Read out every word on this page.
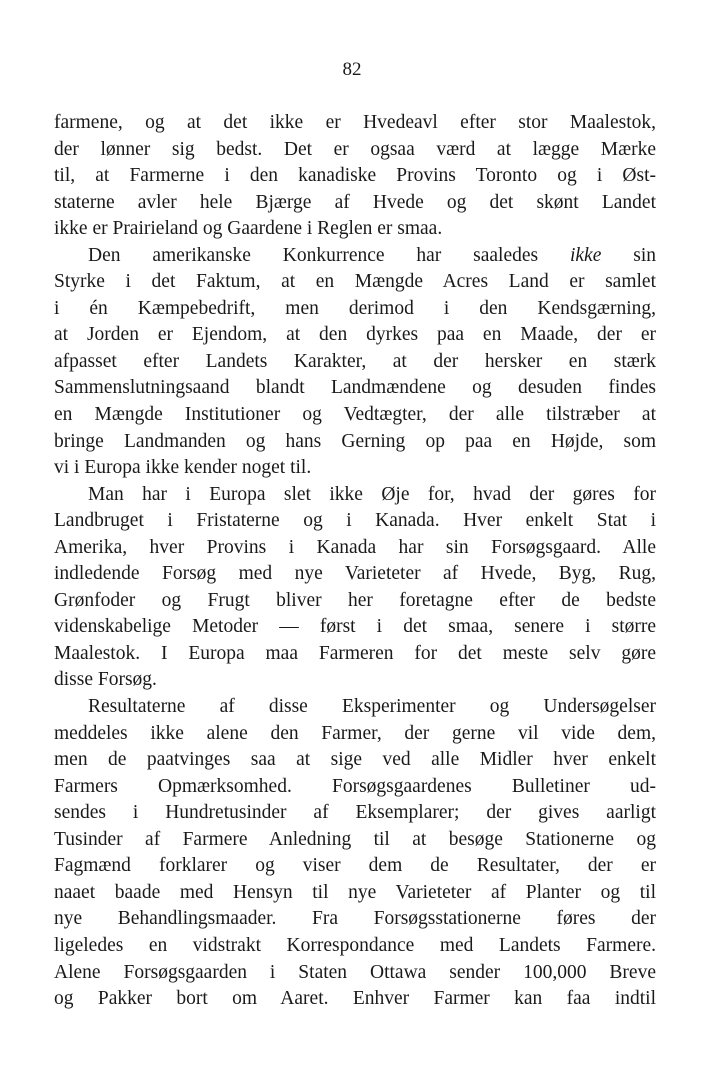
82
farmene, og at det ikke er Hvedeavl efter stor Maalestok,
der lønner sig bedst. Det er ogsaa værd at lægge Mærke
til, at Farmerne i den kanadiske Provins Toronto og i Øst-
staterne avler hele Bjærge af Hvede og det skønt Landet
ikke er Prairieland og Gaardene i Reglen er smaa.
Den amerikanske Konkurrence har saaledes ikke sin
Styrke i det Faktum, at en Mængde Acres Land er samlet
i én Kæmpebedrift, men derimod i den Kendsgærning,
at Jorden er Ejendom, at den dyrkes paa en Maade, der er
afpasset efter Landets Karakter, at der hersker en stærk
Sammenslutningsaand blandt Landmændene og desuden findes
en Mængde Institutioner og Vedtægter, der alle tilstræber at
bringe Landmanden og hans Gerning op paa en Højde, som
vi i Europa ikke kender noget til.
Man har i Europa slet ikke Øje for, hvad der gøres for
Landbruget i Fristaterne og i Kanada. Hver enkelt Stat i
Amerika, hver Provins i Kanada har sin Forsøgsgaard. Alle
indledende Forsøg med nye Varieteter af Hvede, Byg, Rug,
Grønfoder og Frugt bliver her foretagne efter de bedste
videnskabelige Metoder — først i det smaa, senere i større
Maalestok. I Europa maa Farmeren for det meste selv gøre
disse Forsøg.
Resultaterne af disse Eksperimenter og Undersøgelser
meddeles ikke alene den Farmer, der gerne vil vide dem,
men de paatvinges saa at sige ved alle Midler hver enkelt
Farmers Opmærksomhed. Forsøgsgaardenes Bulletiner ud-
sendes i Hundretusinder af Eksemplarer; der gives aarligt
Tusinder af Farmere Anledning til at besøge Stationerne og
Fagmænd forklarer og viser dem de Resultater, der er
naaet baade med Hensyn til nye Varieteter af Planter og til
nye Behandlingsmaader. Fra Forsøgsstationerne føres der
ligeledes en vidstrakt Korrespondance med Landets Farmere.
Alene Forsøgsgaarden i Staten Ottawa sender 100,000 Breve
og Pakker bort om Aaret. Enhver Farmer kan faa indtil
